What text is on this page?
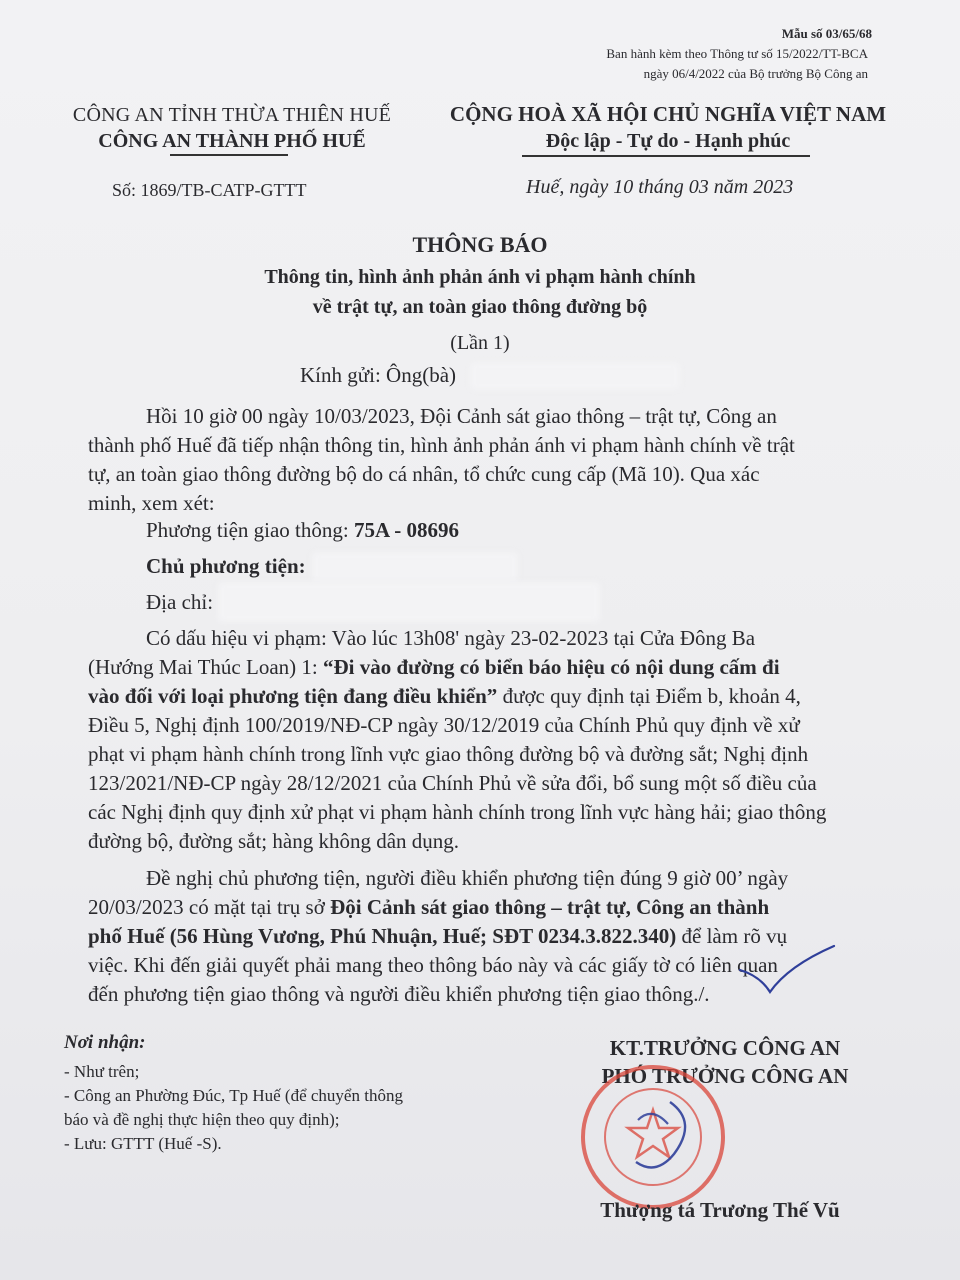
Mẫu số 03/65/68
Ban hành kèm theo Thông tư số 15/2022/TT-BCA
ngày 06/4/2022 của Bộ trưởng Bộ Công an
CÔNG AN TỈNH THỪA THIÊN HUẾ
CÔNG AN THÀNH PHỐ HUẾ
CỘNG HOÀ XÃ HỘI CHỦ NGHĨA VIỆT NAM
Độc lập - Tự do - Hạnh phúc
Số: 1869/TB-CATP-GTTT	Huế, ngày 10 tháng 03 năm 2023
THÔNG BÁO
Thông tin, hình ảnh phản ánh vi phạm hành chính
về trật tự, an toàn giao thông đường bộ
(Lần 1)
Kính gửi: Ông(bà)
Hồi 10 giờ 00 ngày 10/03/2023, Đội Cảnh sát giao thông – trật tự, Công an
thành phố Huế đã tiếp nhận thông tin, hình ảnh phản ánh vi phạm hành chính về trật
tự, an toàn giao thông đường bộ do cá nhân, tổ chức cung cấp (Mã 10). Qua xác
minh, xem xét:
Phương tiện giao thông: 75A - 08696
Chủ phương tiện:
Địa chỉ:
Có dấu hiệu vi phạm: Vào lúc 13h08' ngày 23-02-2023 tại Cửa Đông Ba
(Hướng Mai Thúc Loan) 1: “Đi vào đường có biển báo hiệu có nội dung cấm đi
vào đối với loại phương tiện đang điều khiển” được quy định tại Điểm b, khoản 4,
Điều 5, Nghị định 100/2019/NĐ-CP ngày 30/12/2019 của Chính Phủ quy định về xử
phạt vi phạm hành chính trong lĩnh vực giao thông đường bộ và đường sắt; Nghị định
123/2021/NĐ-CP ngày 28/12/2021 của Chính Phủ về sửa đổi, bổ sung một số điều của
các Nghị định quy định xử phạt vi phạm hành chính trong lĩnh vực hàng hải; giao thông
đường bộ, đường sắt; hàng không dân dụng.
Đề nghị chủ phương tiện, người điều khiển phương tiện đúng 9 giờ 00’ ngày
20/03/2023 có mặt tại trụ sở Đội Cảnh sát giao thông – trật tự, Công an thành
phố Huế (56 Hùng Vương, Phú Nhuận, Huế; SĐT 0234.3.822.340) để làm rõ vụ
việc. Khi đến giải quyết phải mang theo thông báo này và các giấy tờ có liên quan
đến phương tiện giao thông và người điều khiển phương tiện giao thông./.
Nơi nhận:
- Như trên;
- Công an Phường Đúc, Tp Huế (để chuyển thông
báo và đề nghị thực hiện theo quy định);
- Lưu: GTTT (Huế -S).
KT.TRƯỞNG CÔNG AN
PHÓ TRƯỞNG CÔNG AN
Thượng tá Trương Thế Vũ
